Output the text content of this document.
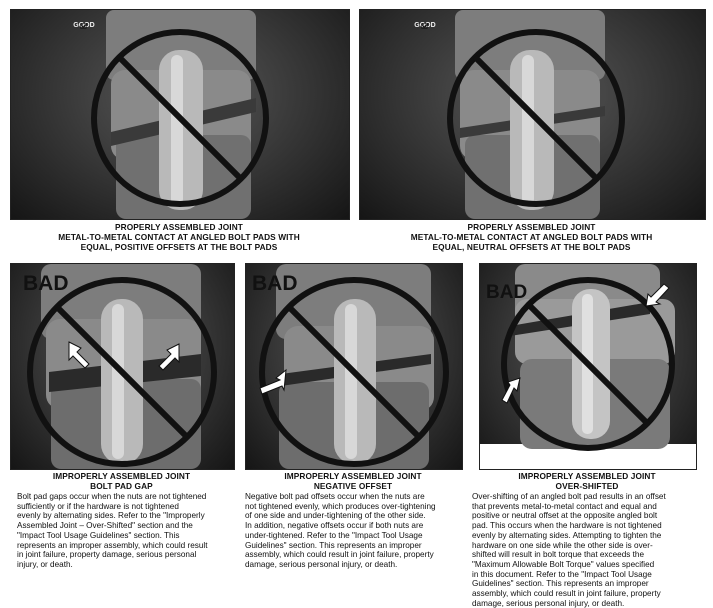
GOOD
PROPERLY ASSEMBLED JOINT
METAL-TO-METAL CONTACT AT ANGLED BOLT PADS WITH
EQUAL, POSITIVE OFFSETS AT THE BOLT PADS
GOOD
PROPERLY ASSEMBLED JOINT
METAL-TO-METAL CONTACT AT ANGLED BOLT PADS WITH
EQUAL, NEUTRAL OFFSETS AT THE BOLT PADS
BAD
IMPROPERLY ASSEMBLED JOINT
BOLT PAD GAP
Bolt pad gaps occur when the nuts are not tightened
sufficiently or if the hardware is not tightened
evenly by alternating sides. Refer to the "Improperly
Assembled Joint – Over-Shifted" section and the
"Impact Tool Usage Guidelines" section. This
represents an improper assembly, which could result
in joint failure, property damage, serious personal
injury, or death.
BAD
IMPROPERLY ASSEMBLED JOINT
NEGATIVE OFFSET
Negative bolt pad offsets occur when the nuts are
not tightened evenly, which produces over-tightening
of one side and under-tightening of the other side.
In addition, negative offsets occur if both nuts are
under-tightened. Refer to the "Impact Tool Usage
Guidelines" section. This represents an improper
assembly, which could result in joint failure, property
damage, serious personal injury, or death.
BAD
IMPROPERLY ASSEMBLED JOINT
OVER-SHIFTED
Over-shifting of an angled bolt pad results in an offset
that prevents metal-to-metal contact and equal and
positive or neutral offset at the opposite angled bolt
pad. This occurs when the hardware is not tightened
evenly by alternating sides. Attempting to tighten the
hardware on one side while the other side is over-
shifted will result in bolt torque that exceeds the
"Maximum Allowable Bolt Torque" values specified
in this document. Refer to the "Impact Tool Usage
Guidelines" section. This represents an improper
assembly, which could result in joint failure, property
damage, serious personal injury, or death.
